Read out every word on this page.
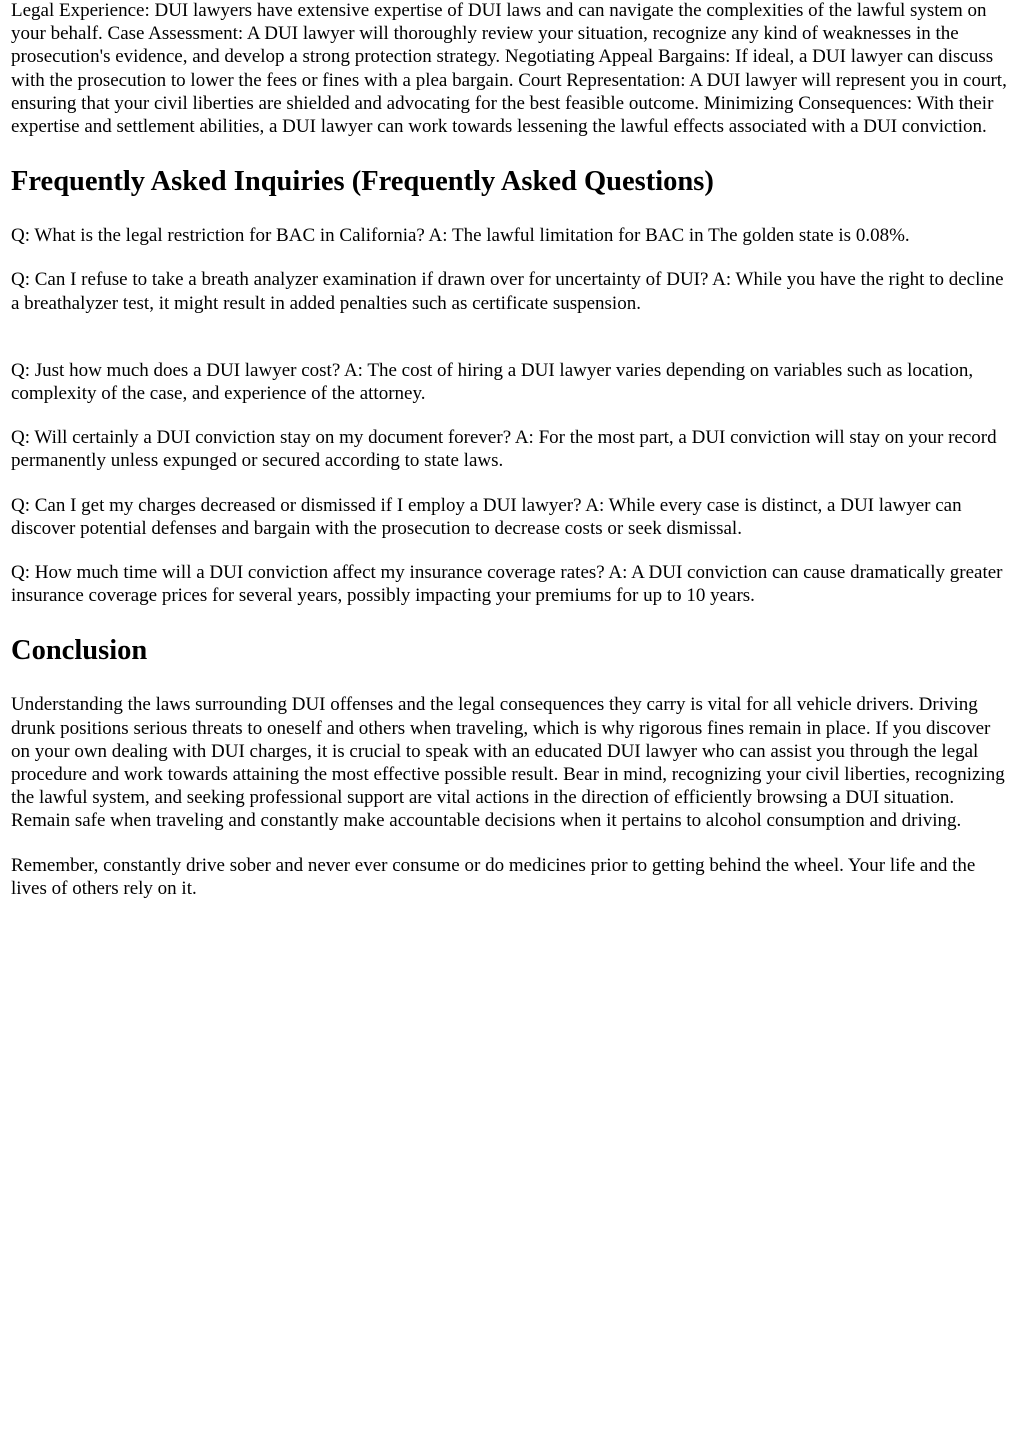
Legal Experience: DUI lawyers have extensive expertise of DUI laws and can navigate the complexities of the lawful system on your behalf. Case Assessment: A DUI lawyer will thoroughly review your situation, recognize any kind of weaknesses in the prosecution's evidence, and develop a strong protection strategy. Negotiating Appeal Bargains: If ideal, a DUI lawyer can discuss with the prosecution to lower the fees or fines with a plea bargain. Court Representation: A DUI lawyer will represent you in court, ensuring that your civil liberties are shielded and advocating for the best feasible outcome. Minimizing Consequences: With their expertise and settlement abilities, a DUI lawyer can work towards lessening the lawful effects associated with a DUI conviction.

Frequently Asked Inquiries (Frequently Asked Questions)

Q: What is the legal restriction for BAC in California? A: The lawful limitation for BAC in The golden state is 0.08%.

Q: Can I refuse to take a breath analyzer examination if drawn over for uncertainty of DUI? A: While you have the right to decline a breathalyzer test, it might result in added penalties such as certificate suspension.

Q: Just how much does a DUI lawyer cost? A: The cost of hiring a DUI lawyer varies depending on variables such as location, complexity of the case, and experience of the attorney.

Q: Will certainly a DUI conviction stay on my document forever? A: For the most part, a DUI conviction will stay on your record permanently unless expunged or secured according to state laws.

Q: Can I get my charges decreased or dismissed if I employ a DUI lawyer? A: While every case is distinct, a DUI lawyer can discover potential defenses and bargain with the prosecution to decrease costs or seek dismissal.

Q: How much time will a DUI conviction affect my insurance coverage rates? A: A DUI conviction can cause dramatically greater insurance coverage prices for several years, possibly impacting your premiums for up to 10 years.

Conclusion

Understanding the laws surrounding DUI offenses and the legal consequences they carry is vital for all vehicle drivers. Driving drunk positions serious threats to oneself and others when traveling, which is why rigorous fines remain in place. If you discover on your own dealing with DUI charges, it is crucial to speak with an educated DUI lawyer who can assist you through the legal procedure and work towards attaining the most effective possible result. Bear in mind, recognizing your civil liberties, recognizing the lawful system, and seeking professional support are vital actions in the direction of efficiently browsing a DUI situation. Remain safe when traveling and constantly make accountable decisions when it pertains to alcohol consumption and driving.

Remember, constantly drive sober and never ever consume or do medicines prior to getting behind the wheel. Your life and the lives of others rely on it.
